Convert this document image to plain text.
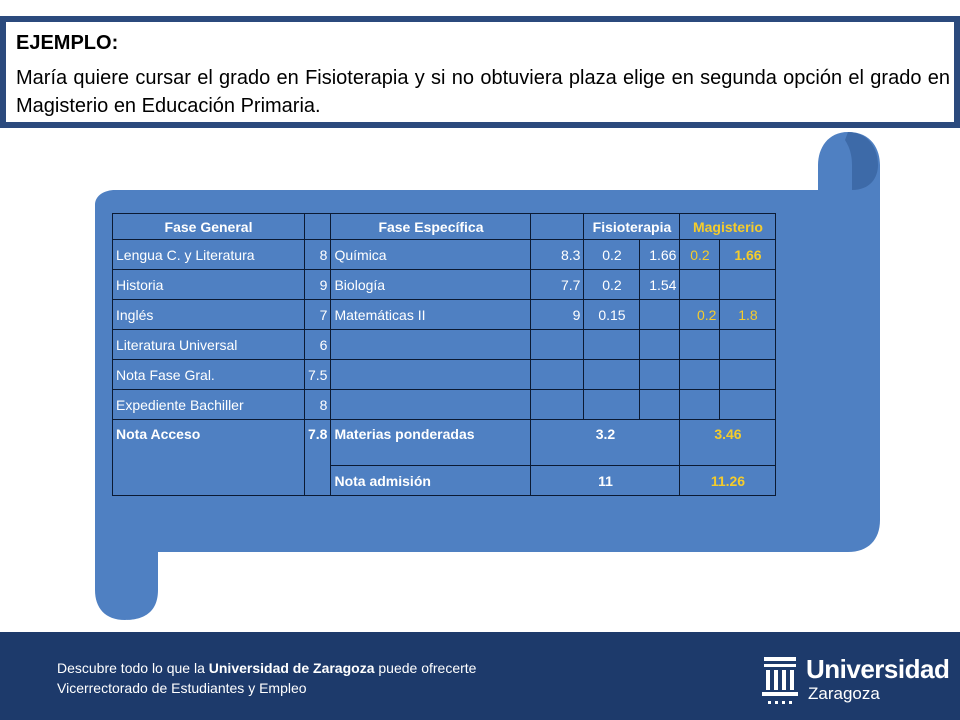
EJEMPLO:
María quiere cursar el grado en Fisioterapia y si no obtuviera plaza elige en segunda opción el grado en Magisterio en Educación Primaria.
Fase General		Fase Específica		Fisioterapia		Magisterio	
Lengua C. y Literatura	8	Química	8.3	0.2	1.66	0.2	1.66
Historia	9	Biología	7.7	0.2	1.54		
Inglés	7	Matemáticas II	9	0.15		0.2	1.8
Literatura Universal	6						
Nota Fase Gral.	7.5						
Expediente Bachiller	8						
Nota Acceso	7.8	Materias ponderadas	3.2			3.46	
		Nota admisión	11			11.26	
Descubre todo lo que la Universidad de Zaragoza puede ofrecerte
Vicerrectorado de Estudiantes y Empleo
Universidad
Zaragoza
